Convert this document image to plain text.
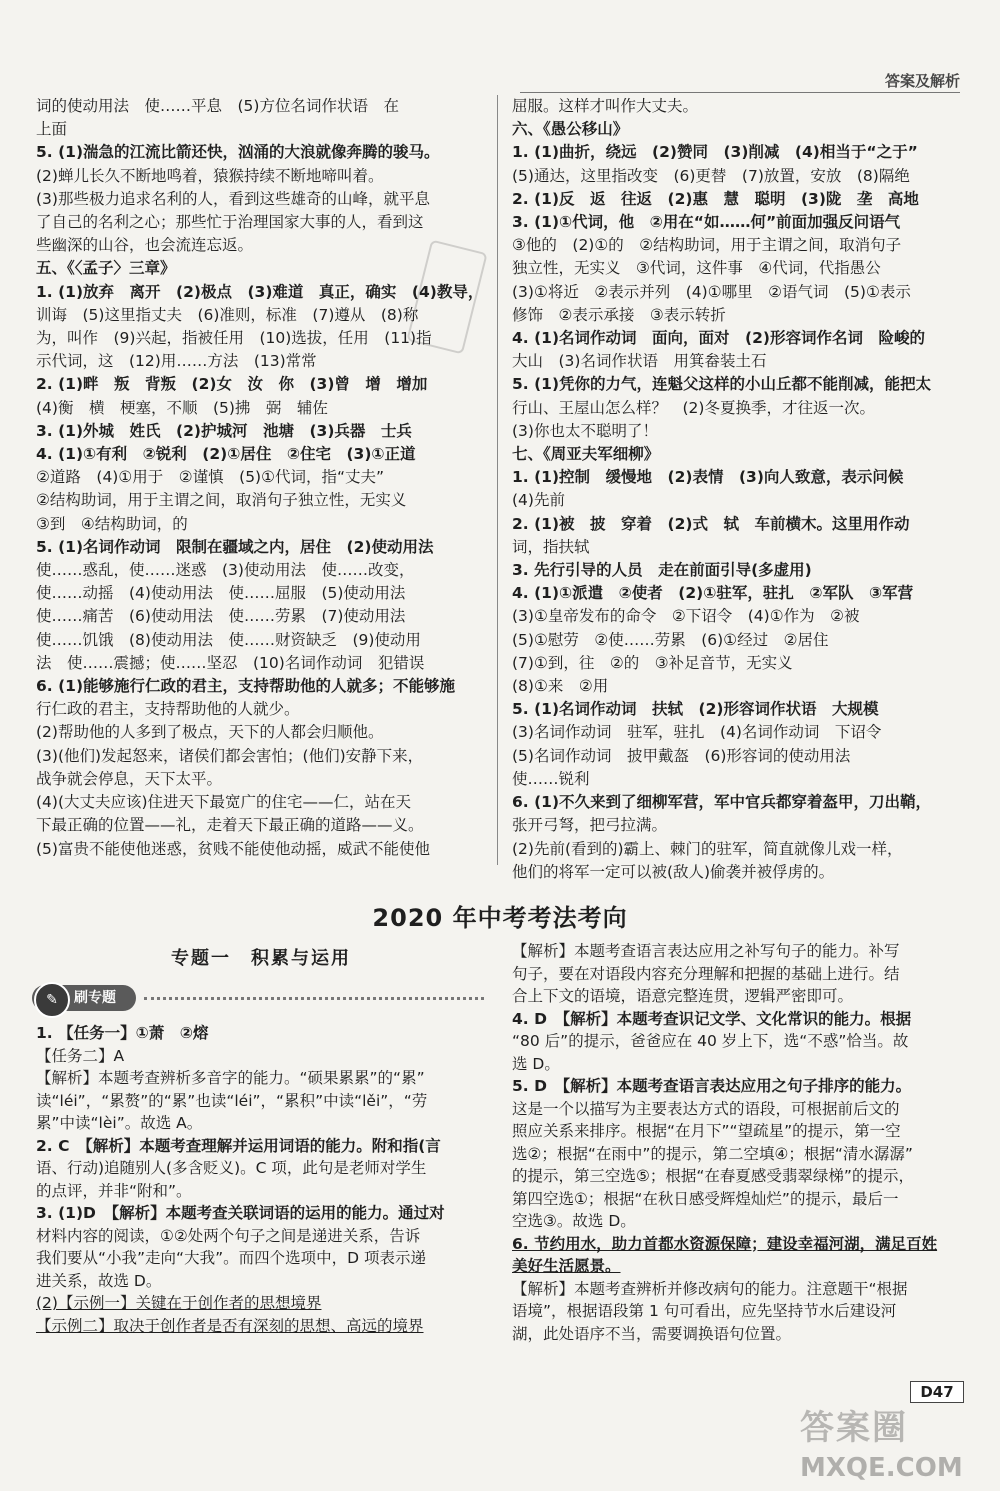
答案及解析
词的使动用法　使……平息　(5)方位名词作状语　在
上面
5. (1)湍急的江流比箭还快，汹涌的大浪就像奔腾的骏马。
(2)蝉儿长久不断地鸣着，猿猴持续不断地啼叫着。
(3)那些极力追求名利的人，看到这些雄奇的山峰，就平息
了自己的名利之心；那些忙于治理国家大事的人，看到这
些幽深的山谷，也会流连忘返。
五、《〈孟子〉三章》
1. (1)放弃　离开　(2)极点　(3)难道　真正，确实　(4)教导，
训诲　(5)这里指丈夫　(6)准则，标准　(7)遵从　(8)称
为，叫作　(9)兴起，指被任用　(10)选拔，任用　(11)指
示代词，这　(12)用……方法　(13)常常
2. (1)畔　叛　背叛　(2)女　汝　你　(3)曾　增　增加
(4)衡　横　梗塞，不顺　(5)拂　弼　辅佐
3. (1)外城　姓氏　(2)护城河　池塘　(3)兵器　士兵
4. (1)①有利　②锐利　(2)①居住　②住宅　(3)①正道
②道路　(4)①用于　②谨慎　(5)①代词，指“丈夫”
②结构助词，用于主谓之间，取消句子独立性，无实义
③到　④结构助词，的
5. (1)名词作动词　限制在疆域之内，居住　(2)使动用法
使……惑乱，使……迷惑　(3)使动用法　使……改变，
使……动摇　(4)使动用法　使……屈服　(5)使动用法
使……痛苦　(6)使动用法　使……劳累　(7)使动用法
使……饥饿　(8)使动用法　使……财资缺乏　(9)使动用
法　使……震撼；使……坚忍　(10)名词作动词　犯错误
6. (1)能够施行仁政的君主，支持帮助他的人就多；不能够施
行仁政的君主，支持帮助他的人就少。
(2)帮助他的人多到了极点，天下的人都会归顺他。
(3)(他们)发起怒来，诸侯们都会害怕；(他们)安静下来，
战争就会停息，天下太平。
(4)(大丈夫应该)住进天下最宽广的住宅——仁，站在天
下最正确的位置——礼，走着天下最正确的道路——义。
(5)富贵不能使他迷惑，贫贱不能使他动摇，威武不能使他
屈服。这样才叫作大丈夫。
六、《愚公移山》
1. (1)曲折，绕远　(2)赞同　(3)削减　(4)相当于“之于”
(5)通达，这里指改变　(6)更替　(7)放置，安放　(8)隔绝
2. (1)反　返　往返　(2)惠　慧　聪明　(3)陇　垄　高地
3. (1)①代词，他　②用在“如……何”前面加强反问语气
③他的　(2)①的　②结构助词，用于主谓之间，取消句子
独立性，无实义　③代词，这件事　④代词，代指愚公
(3)①将近　②表示并列　(4)①哪里　②语气词　(5)①表示
修饰　②表示承接　③表示转折
4. (1)名词作动词　面向，面对　(2)形容词作名词　险峻的
大山　(3)名词作状语　用箕畚装土石
5. (1)凭你的力气，连魁父这样的小山丘都不能削减，能把太
行山、王屋山怎么样？　(2)冬夏换季，才往返一次。
(3)你也太不聪明了！
七、《周亚夫军细柳》
1. (1)控制　缓慢地　(2)表情　(3)向人致意，表示问候
(4)先前
2. (1)被　披　穿着　(2)式　轼　车前横木。这里用作动
词，指扶轼
3. 先行引导的人员　走在前面引导(多虚用)
4. (1)①派遣　②使者　(2)①驻军，驻扎　②军队　③军营
(3)①皇帝发布的命令　②下诏令　(4)①作为　②被
(5)①慰劳　②使……劳累　(6)①经过　②居住
(7)①到，往　②的　③补足音节，无实义
(8)①来　②用
5. (1)名词作动词　扶轼　(2)形容词作状语　大规模
(3)名词作动词　驻军，驻扎　(4)名词作动词　下诏令
(5)名词作动词　披甲戴盔　(6)形容词的使动用法
使……锐利
6. (1)不久来到了细柳军营，军中官兵都穿着盔甲，刀出鞘，
张开弓弩，把弓拉满。
(2)先前(看到的)霸上、棘门的驻军，简直就像儿戏一样，
他们的将军一定可以被(敌人)偷袭并被俘虏的。
2020 年中考考法考向
专题一　积累与运用
刷专题
✎
1. 【任务一】①萧　②熔
【任务二】A
【解析】本题考查辨析多音字的能力。“硕果累累”的“累”
读“léi”，“累赘”的“累”也读“léi”，“累积”中读“lěi”，“劳
累”中读“lèi”。故选 A。
2. C　【解析】本题考查理解并运用词语的能力。附和指(言
语、行动)追随别人(多含贬义)。C 项，此句是老师对学生
的点评，并非“附和”。
3. (1)D　【解析】本题考查关联词语的运用的能力。通过对
材料内容的阅读，①②处两个句子之间是递进关系，告诉
我们要从“小我”走向“大我”。而四个选项中，D 项表示递
进关系，故选 D。
(2)【示例一】关键在于创作者的思想境界
【示例二】取决于创作者是否有深刻的思想、高远的境界
【解析】本题考查语言表达应用之补写句子的能力。补写
句子，要在对语段内容充分理解和把握的基础上进行。结
合上下文的语境，语意完整连贯，逻辑严密即可。
4. D　【解析】本题考查识记文学、文化常识的能力。根据
“80 后”的提示，爸爸应在 40 岁上下，选“不惑”恰当。故
选 D。
5. D　【解析】本题考查语言表达应用之句子排序的能力。
这是一个以描写为主要表达方式的语段，可根据前后文的
照应关系来排序。根据“在月下”“望疏星”的提示，第一空
选②；根据“在雨中”的提示，第二空填④；根据“清水潺潺”
的提示，第三空选⑤；根据“在春夏感受翡翠绿梯”的提示，
第四空选①；根据“在秋日感受辉煌灿烂”的提示，最后一
空选③。故选 D。
6. 节约用水，助力首都水资源保障；建设幸福河湖，满足百姓
美好生活愿景。
【解析】本题考查辨析并修改病句的能力。注意题干“根据
语境”，根据语段第 1 句可看出，应先坚持节水后建设河
湖，此处语序不当，需要调换语句位置。
D47
答案圈
MXQE.COM
